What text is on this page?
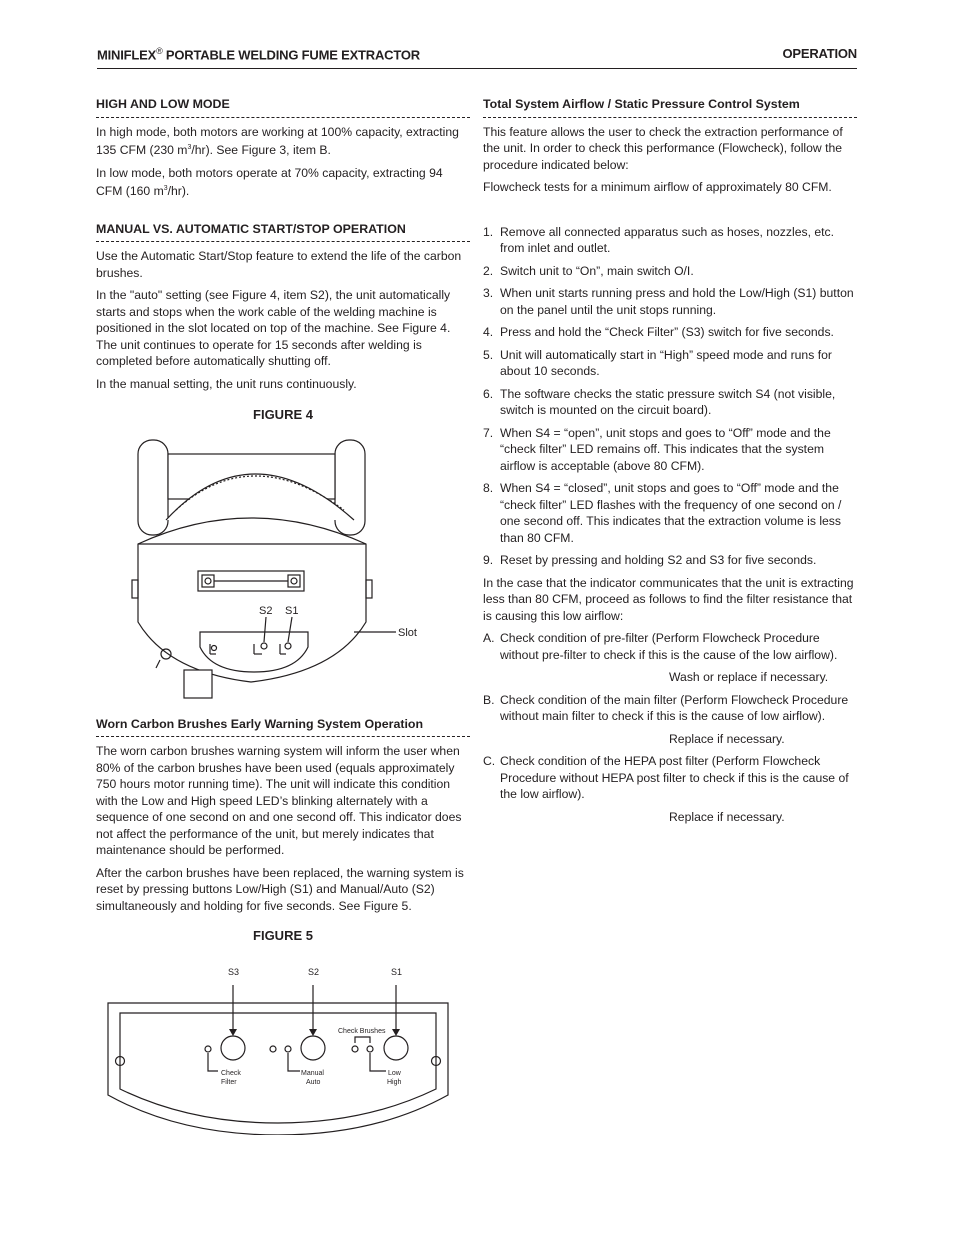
MINIFLEX® PORTABLE WELDING FUME EXTRACTOR	OPERATION
HIGH AND LOW MODE

In high mode, both motors are working at 100% capacity, extracting 135 CFM (230 $m^3/hr$). See Figure 3, item B.

In low mode, both motors operate at 70% capacity, extracting 94 CFM (160 $m^3/hr$).

MANUAL VS. AUTOMATIC START/STOP OPERATION

Use the Automatic Start/Stop feature to extend the life of the carbon brushes.

In the "auto" setting (see Figure 4, item S2), the unit automatically starts and stops when the work cable of the welding machine is positioned in the slot located on top of the machine. See Figure 4. The unit continues to operate for 15 seconds after welding is completed before automatically shutting off.

In the manual setting, the unit runs continuously.

FIGURE 4
S2 S1
Slot
Worn Carbon Brushes Early Warning System Operation

The worn carbon brushes warning system will inform the user when 80% of the carbon brushes have been used (equals approximately 750 hours motor running time). The unit will indicate this condition with the Low and High speed LED’s blinking alternately with a sequence of one second on and one second off. This indicator does not affect the performance of the unit, but merely indicates that maintenance should be performed.

After the carbon brushes have been replaced, the warning system is reset by pressing buttons Low/High (S1) and Manual/Auto (S2) simultaneously and holding for five seconds. See Figure 5.

FIGURE 5
S3	S2	S1
Check Brushes
Check
Filter
Manual
Auto
Low
High
Total System Airflow / Static Pressure Control System

This feature allows the user to check the extraction performance of the unit. In order to check this performance (Flowcheck), follow the procedure indicated below:

Flowcheck tests for a minimum airflow of approximately 80 CFM.

1. Remove all connected apparatus such as hoses, nozzles, etc. from inlet and outlet.
2. Switch unit to “On”, main switch O/I.
3. When unit starts running press and hold the Low/High (S1) button on the panel until the unit stops running.
4. Press and hold the “Check Filter” (S3) switch for five seconds.
5. Unit will automatically start in “High” speed mode and runs for about 10 seconds.
6. The software checks the static pressure switch S4 (not visible, switch is mounted on the circuit board).
7. When S4 = “open”, unit stops and goes to “Off” mode and the “check filter” LED remains off. This indicates that the system airflow is acceptable (above 80 CFM).
8. When S4 = “closed”, unit stops and goes to “Off” mode and the “check filter” LED flashes with the frequency of one second on / one second off. This indicates that the extraction volume is less than 80 CFM.
9. Reset by pressing and holding S2 and S3 for five seconds.

In the case that the indicator communicates that the unit is extracting less than 80 CFM, proceed as follows to find the filter resistance that is causing this low airflow:

A. Check condition of pre-filter (Perform Flowcheck Procedure without pre-filter to check if this is the cause of the low airflow).
Wash or replace if necessary.
B. Check condition of the main filter (Perform Flowcheck Procedure without main filter to check if this is the cause of low airflow).
Replace if necessary.
C. Check condition of the HEPA post filter (Perform Flowcheck Procedure without HEPA post filter to check if this is the cause of the low airflow).
Replace if necessary.
